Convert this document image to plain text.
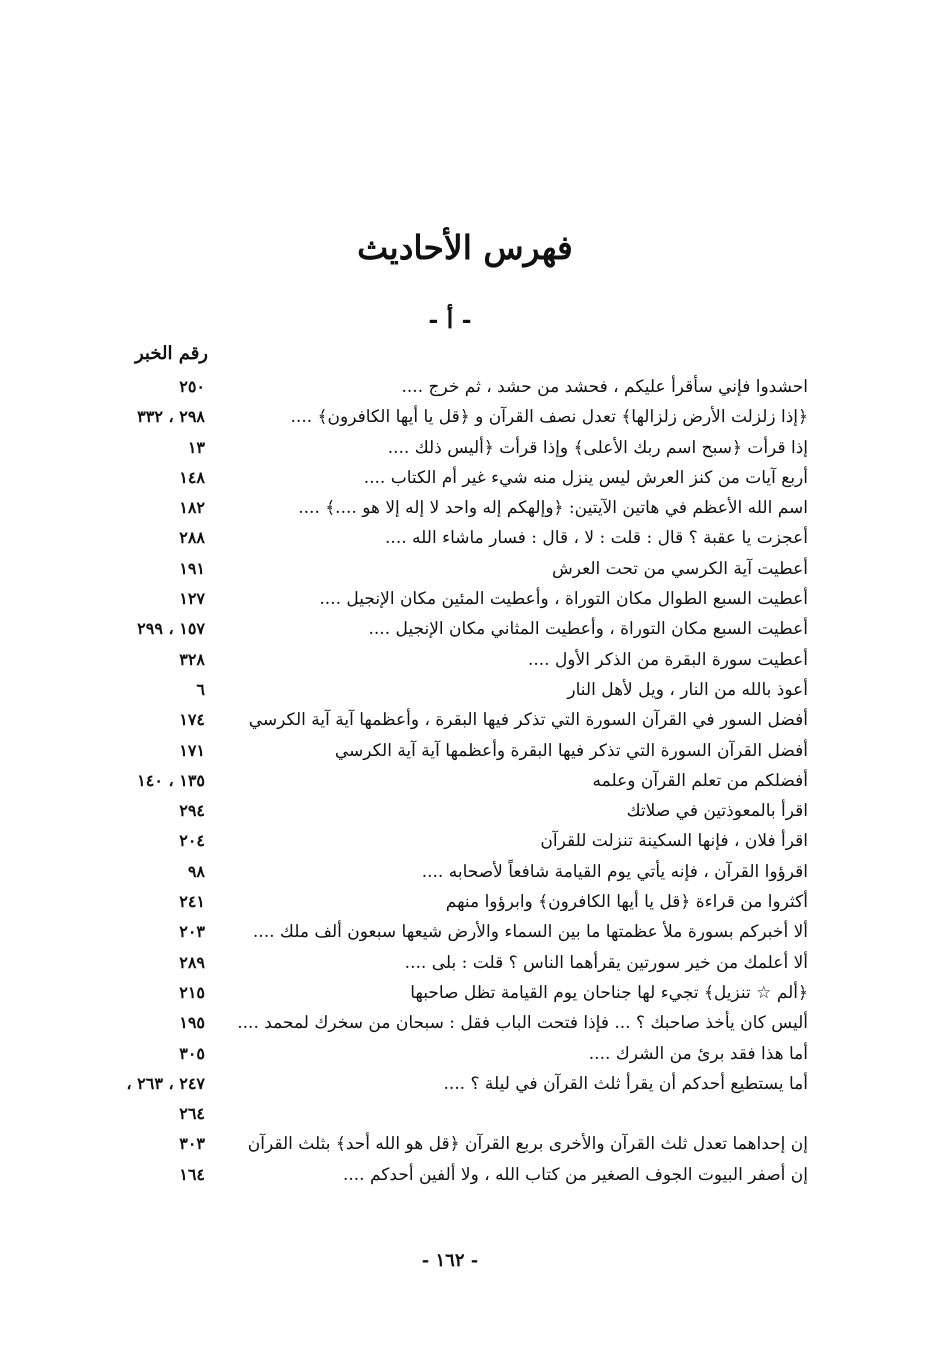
فهرس الأحاديث
- أ -
رقم الخبر
احشدوا فإني سأقرأ عليكم ، فحشد من حشد ، ثم خرج ....
٢٥٠
﴿إذا زلزلت الأرض زلزالها﴾ تعدل نصف القرآن و ﴿قل يا أيها الكافرون﴾ ....
٢٩٨ ، ٣٣٢
إذا قرأت ﴿سبح اسم ربك الأعلى﴾ وإذا قرأت ﴿أليس ذلك ....
١٣
أربع آيات من كنز العرش ليس ينزل منه شيء غير أم الكتاب ....
١٤٨
اسم الله الأعظم في هاتين الآيتين: ﴿وإلهكم إله واحد لا إله إلا هو ....﴾ ....
١٨٢
أعجزت يا عقبة ؟ قال : قلت : لا ، قال : فسار ماشاء الله ....
٢٨٨
أعطيت آية الكرسي من تحت العرش
١٩١
أعطيت السبع الطوال مكان التوراة ، وأعطيت المئين مكان الإنجيل ....
١٢٧
أعطيت السبع مكان التوراة ، وأعطيت المثاني مكان الإنجيل ....
١٥٧ ، ٢٩٩
أعطيت سورة البقرة من الذكر الأول ....
٣٢٨
أعوذ بالله من النار ، ويل لأهل النار
٦
أفضل السور في القرآن السورة التي تذكر فيها البقرة ، وأعظمها آية آية الكرسي
١٧٤
أفضل القرآن السورة التي تذكر فيها البقرة وأعظمها آية آية الكرسي
١٧١
أفضلكم من تعلم القرآن وعلمه
١٣٥ ، ١٤٠
اقرأ بالمعوذتين في صلاتك
٢٩٤
اقرأ فلان ، فإنها السكينة تنزلت للقرآن
٢٠٤
اقرؤوا القرآن ، فإنه يأتي يوم القيامة شافعاً لأصحابه ....
٩٨
أكثروا من قراءة ﴿قل يا أيها الكافرون﴾ وابرؤوا منهم
٢٤١
ألا أخبركم بسورة ملأ عظمتها ما بين السماء والأرض شيعها سبعون ألف ملك ....
٢٠٣
ألا أعلمك من خير سورتين يقرأهما الناس ؟ قلت : بلى ....
٢٨٩
﴿ألم ☆ تنزيل﴾ تجيء لها جناحان يوم القيامة تظل صاحبها
٢١٥
أليس كان يأخذ صاحبك ؟ ... فإذا فتحت الباب فقل : سبحان من سخرك لمحمد ....
١٩٥
أما هذا فقد برئ من الشرك ....
٣٠٥
أما يستطيع أحدكم أن يقرأ ثلث القرآن في ليلة ؟ ....
٢٤٧ ، ٢٦٣ ،
٢٦٤
إن إحداهما تعدل ثلث القرآن والأخرى بربع القرآن ﴿قل هو الله أحد﴾ بثلث القرآن
٣٠٣
إن أصفر البيوت الجوف الصغير من كتاب الله ، ولا ألفين أحدكم ....
١٦٤
- ١٦٢ -
